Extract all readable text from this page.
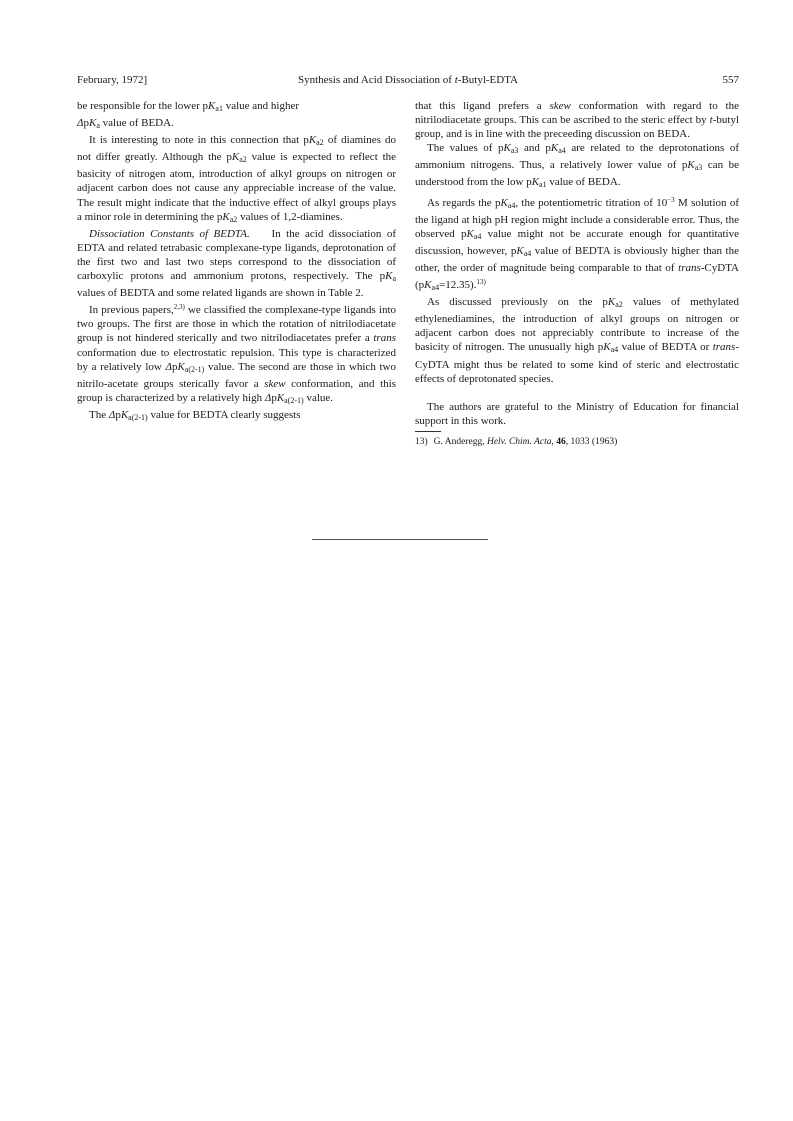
February, 1972]	Synthesis and Acid Dissociation of t-Butyl-EDTA	557

be responsible for the lower $pK_{a1}$ value and higher
ΔpK$_a$ value of BEDA.

It is interesting to note in this connection that $pK_{a2}$ of diamines do not differ greatly. Although the $pK_{a2}$ value is expected to reflect the basicity of nitrogen atom, introduction of alkyl groups on nitrogen or adjacent carbon does not cause any appreciable increase of the value. The result might indicate that the inductive effect of alkyl groups plays a minor role in determining the $pK_{a2}$ values of 1,2-diamines.

Dissociation Constants of BEDTA.    In the acid dissociation of EDTA and related tetrabasic complexane-type ligands, deprotonation of the first two and last two steps correspond to the dissociation of carboxylic protons and ammonium protons, respectively. The $pK_a$ values of BEDTA and some related ligands are shown in Table 2.

In previous papers,$^{2,3)}$ we classified the complexane-type ligands into two groups. The first are those in which the rotation of nitrilodiacetate group is not hindered sterically and two nitrilodiacetates prefer a trans conformation due to electrostatic repulsion. This type is characterized by a relatively low ΔpK$_{a(2-1)}$ value. The second are those in which two nitrilo-acetate groups sterically favor a skew conformation, and this group is characterized by a relatively high ΔpK$_{a(2-1)}$ value.

The ΔpK$_{a(2-1)}$ value for BEDTA clearly suggests

that this ligand prefers a skew conformation with regard to the nitrilodiacetate groups. This can be ascribed to the steric effect by t-butyl group, and is in line with the preceeding discussion on BEDA.

The values of $pK_{a3}$ and $pK_{a4}$ are related to the deprotonations of ammonium nitrogens. Thus, a relatively lower value of $pK_{a3}$ can be understood from the low $pK_{a1}$ value of BEDA.

As regards the $pK_{a4}$, the potentiometric titration of $10^{-3}$ M solution of the ligand at high pH region might include a considerable error. Thus, the observed $pK_{a4}$ value might not be accurate enough for quantitative discussion, however, $pK_{a4}$ value of BEDTA is obviously higher than the other, the order of magnitude being comparable to that of trans-CyDTA $(pK_{a4}=12.35).^{13)}$

As discussed previously on the $pK_{a2}$ values of methylated ethylenediamines, the introduction of alkyl groups on nitrogen or adjacent carbon does not appreciably contribute to increase of the basicity of nitrogen. The unusually high $pK_{a4}$ value of BEDTA or trans-CyDTA might thus be related to some kind of steric and electrostatic effects of deprotonated species.

The authors are grateful to the Ministry of Education for financial support in this work.

13) G. Anderegg, Helv. Chim. Acta, 46, 1033 (1963)
